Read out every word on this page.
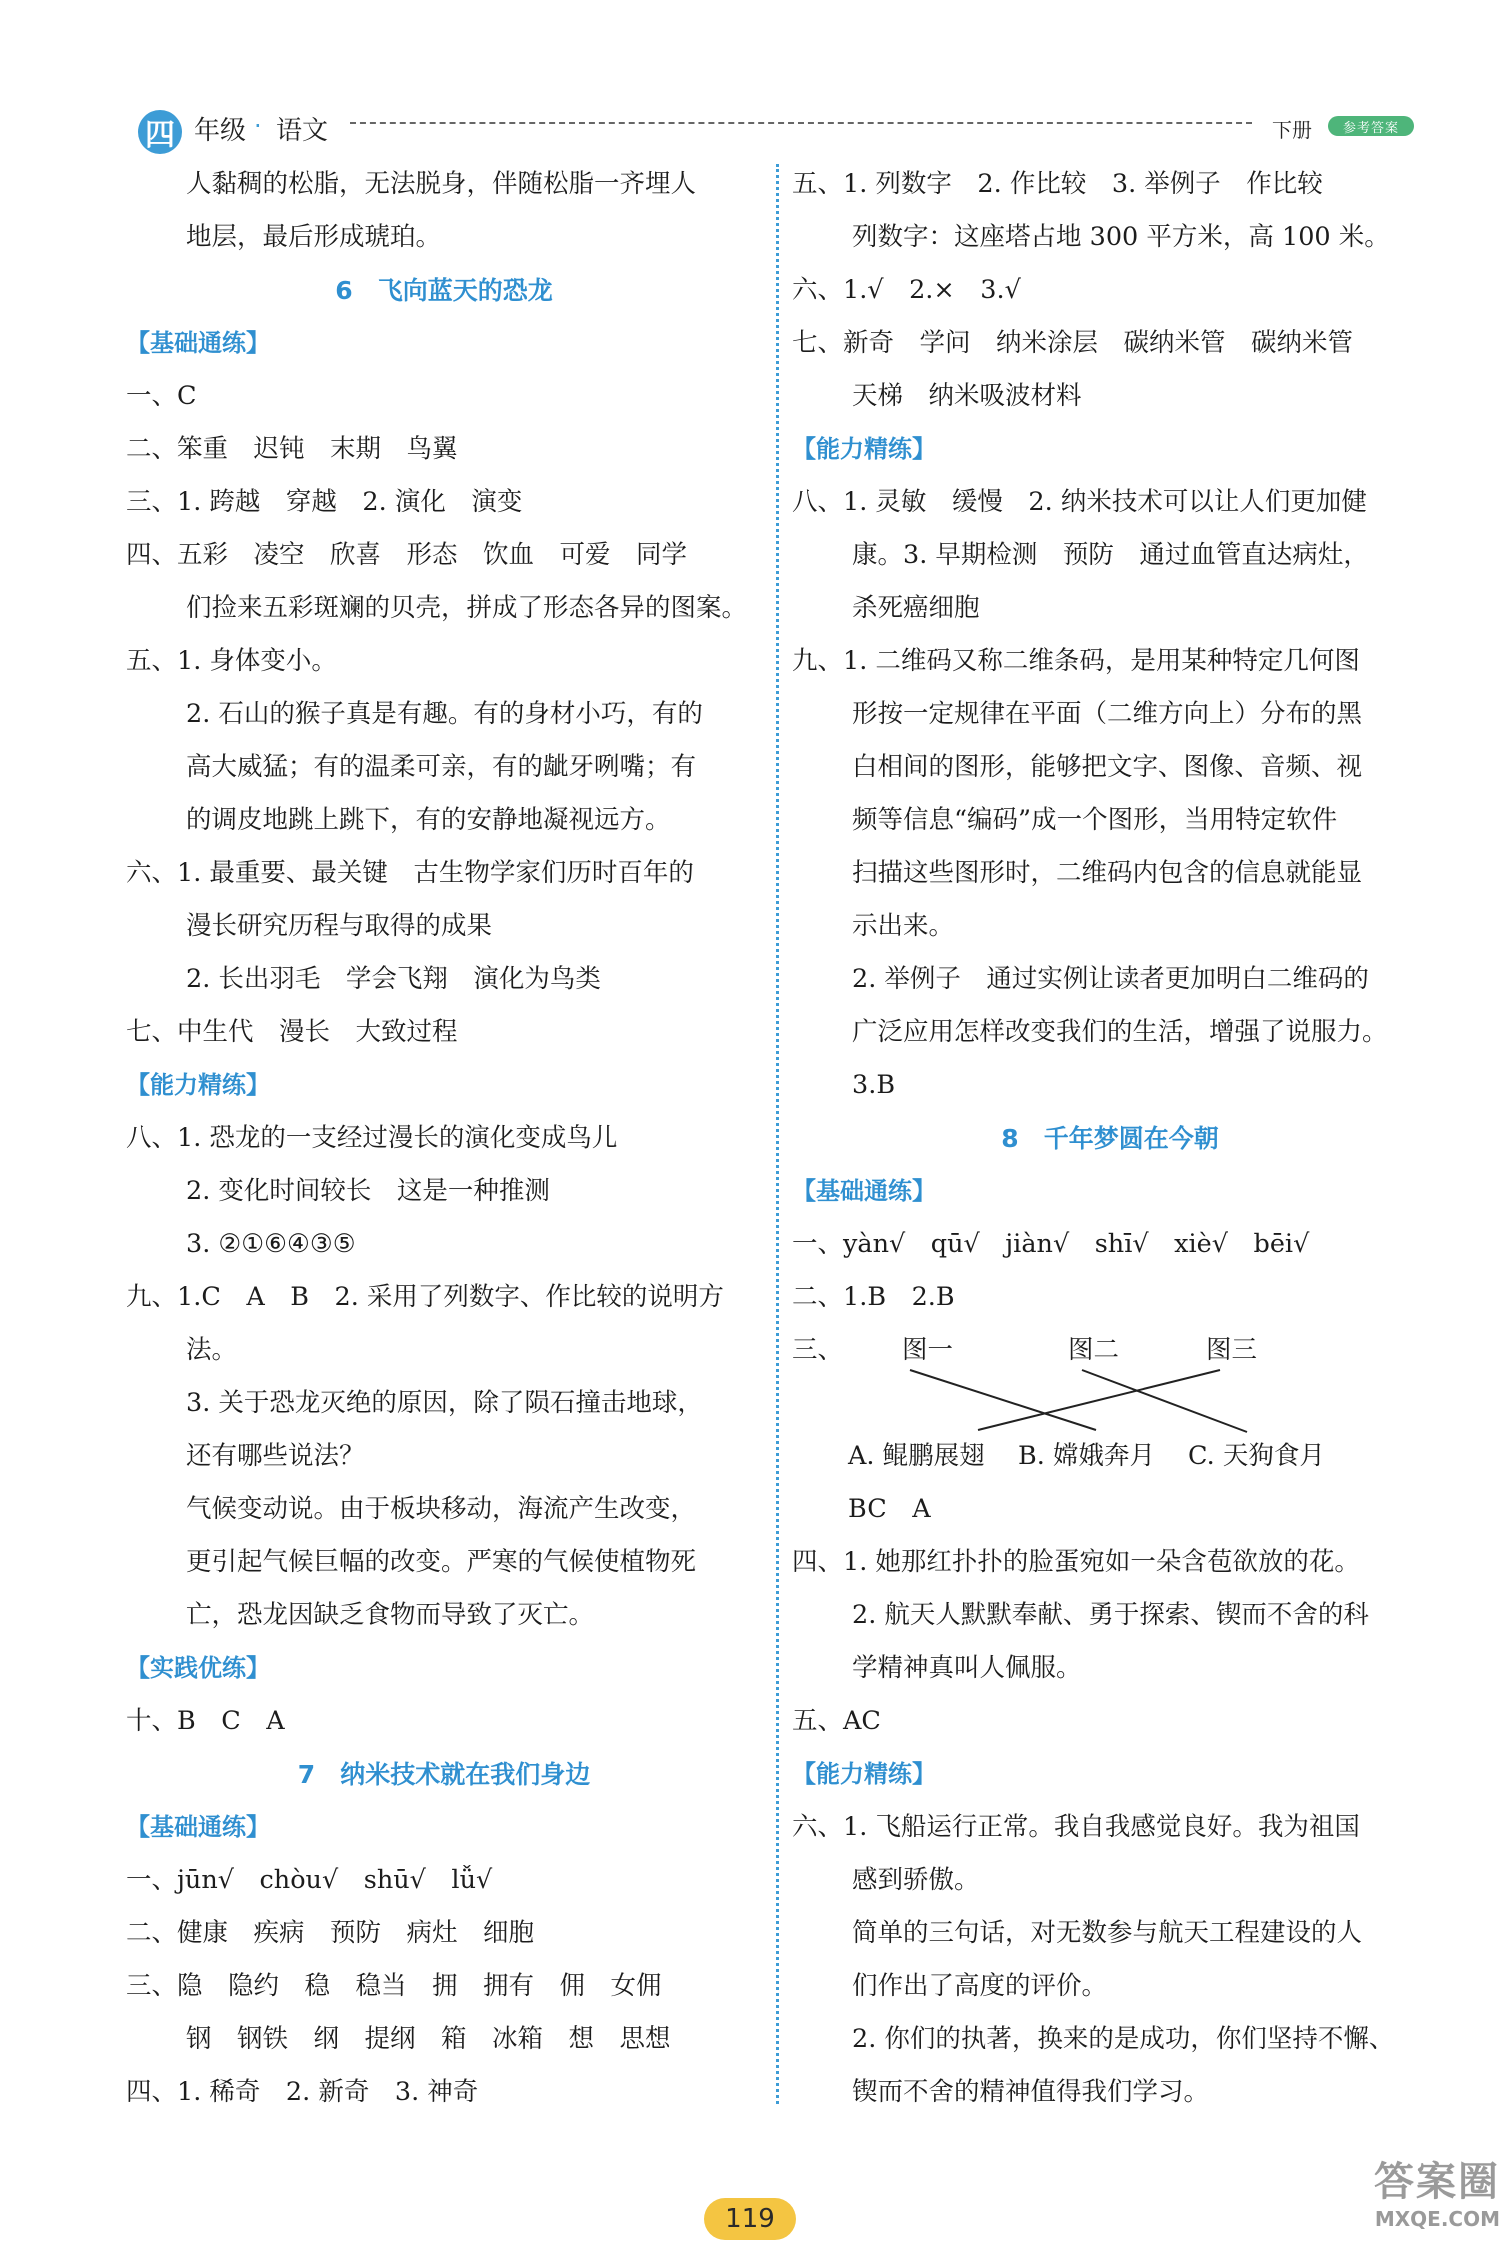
四 年级 · 语文	下册	参考答案
人黏稠的松脂，无法脱身，伴随松脂一齐埋人
地层，最后形成琥珀。
6　飞向蓝天的恐龙
【基础通练】
一、C
二、笨重　迟钝　末期　鸟翼
三、1. 跨越　穿越　2. 演化　演变
四、五彩　凌空　欣喜　形态　饮血　可爱　同学
们捡来五彩斑斓的贝壳，拼成了形态各异的图案。
五、1. 身体变小。
2. 石山的猴子真是有趣。有的身材小巧，有的
高大威猛；有的温柔可亲，有的龇牙咧嘴；有
的调皮地跳上跳下，有的安静地凝视远方。
六、1. 最重要、最关键　古生物学家们历时百年的
漫长研究历程与取得的成果
2. 长出羽毛　学会飞翔　演化为鸟类
七、中生代　漫长　大致过程
【能力精练】
八、1. 恐龙的一支经过漫长的演化变成鸟儿
2. 变化时间较长　这是一种推测
3. ②①⑥④③⑤
九、1.C　A　B　2. 采用了列数字、作比较的说明方
法。
3. 关于恐龙灭绝的原因，除了陨石撞击地球，
还有哪些说法？
气候变动说。由于板块移动，海流产生改变，
更引起气候巨幅的改变。严寒的气候使植物死
亡，恐龙因缺乏食物而导致了灭亡。
【实践优练】
十、B　C　A
7　纳米技术就在我们身边
【基础通练】
一、jūn√　chòu√　shū√　lǚ√
二、健康　疾病　预防　病灶　细胞
三、隐　隐约　稳　稳当　拥　拥有　佣　女佣
钢　钢铁　纲　提纲　箱　冰箱　想　思想
四、1. 稀奇　2. 新奇　3. 神奇
五、1. 列数字　2. 作比较　3. 举例子　作比较
列数字：这座塔占地 300 平方米，高 100 米。
六、1.√　2.×　3.√
七、新奇　学问　纳米涂层　碳纳米管　碳纳米管
天梯　纳米吸波材料
【能力精练】
八、1. 灵敏　缓慢　2. 纳米技术可以让人们更加健
康。3. 早期检测　预防　通过血管直达病灶，
杀死癌细胞
九、1. 二维码又称二维条码，是用某种特定几何图
形按一定规律在平面（二维方向上）分布的黑
白相间的图形，能够把文字、图像、音频、视
频等信息“编码”成一个图形，当用特定软件
扫描这些图形时，二维码内包含的信息就能显
示出来。
2. 举例子　通过实例让读者更加明白二维码的
广泛应用怎样改变我们的生活，增强了说服力。
3.B
8　千年梦圆在今朝
【基础通练】
一、yàn√　qū√　jiàn√　shī√　xiè√　bēi√
二、1.B　2.B
三、 图一	图二	图三
A. 鲲鹏展翅 B. 嫦娥奔月 C. 天狗食月
BC　A
四、1. 她那红扑扑的脸蛋宛如一朵含苞欲放的花。
2. 航天人默默奉献、勇于探索、锲而不舍的科
学精神真叫人佩服。
五、AC
【能力精练】
六、1. 飞船运行正常。我自我感觉良好。我为祖国
感到骄傲。
简单的三句话，对无数参与航天工程建设的人
们作出了高度的评价。
2. 你们的执著，换来的是成功，你们坚持不懈、
锲而不舍的精神值得我们学习。
119
答案圈
MXQE.COM
